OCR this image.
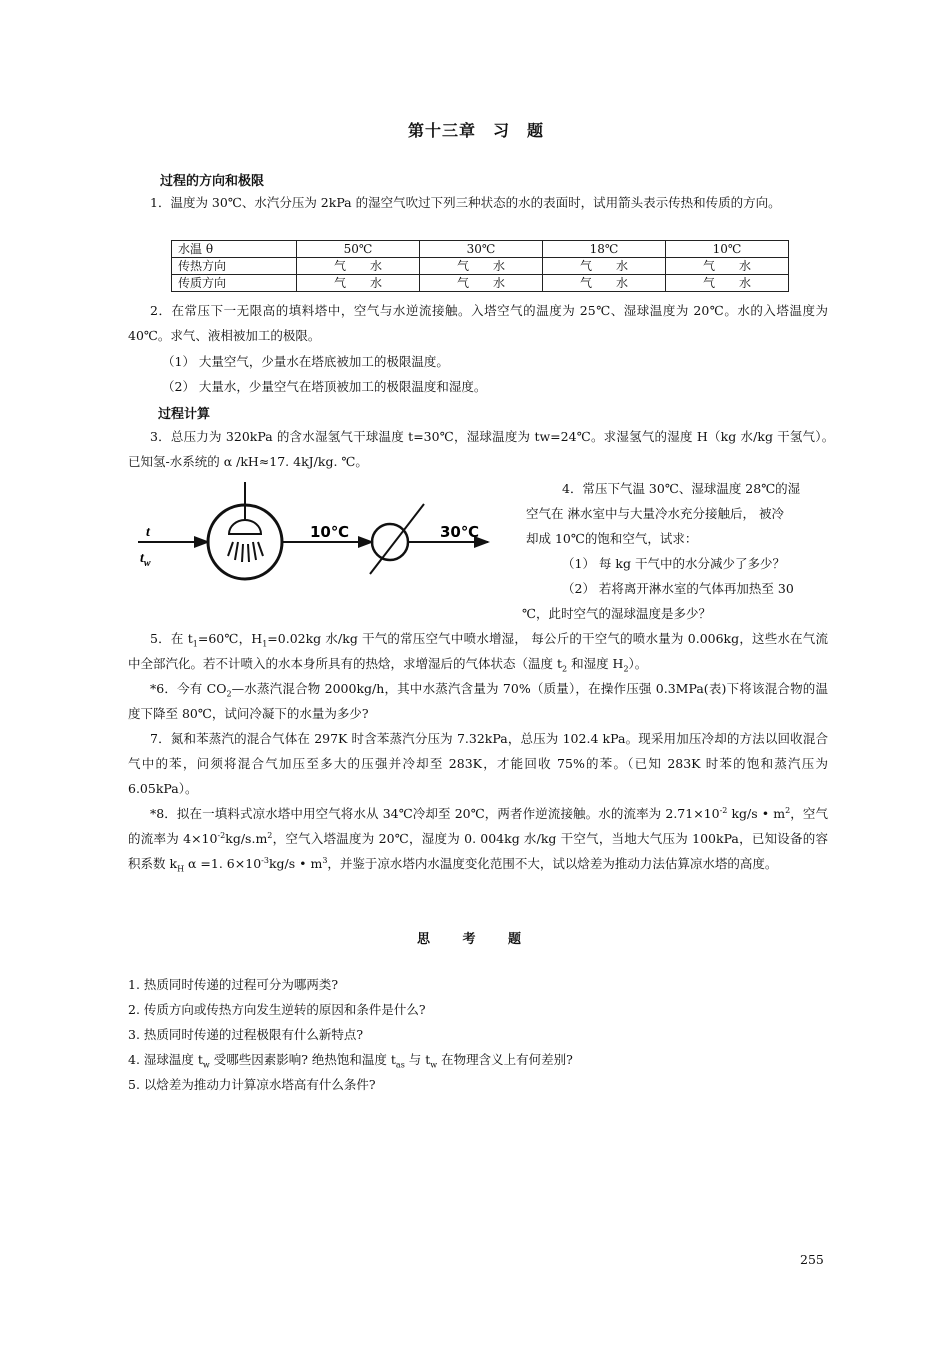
第十三章　习　题
过程的方向和极限
1．温度为 30℃、水汽分压为 2kPa 的湿空气吹过下列三种状态的水的表面时，试用箭头表示传热和传质的方向。
水温 θ	50℃	30℃	18℃	10℃
传热方向	气　　水	气　　水	气　　水	气　　水
传质方向	气　　水	气　　水	气　　水	气　　水
2．在常压下一无限高的填料塔中，空气与水逆流接触。入塔空气的温度为 25℃、湿球温度为 20℃。水的入塔温度为 40℃。求气、液相被加工的极限。
（1） 大量空气，少量水在塔底被加工的极限温度。
（2） 大量水，少量空气在塔顶被加工的极限温度和湿度。
过程计算
3．总压力为 320kPa 的含水湿氢气干球温度 t=30℃，湿球温度为 tw=24℃。求湿氢气的湿度 H（kg 水/kg 干氢气）。　已知氢-水系统的 α /kH≈17. 4kJ/kg. ℃。
t
$t_w$
10℃	30℃
4．常压下气温 30℃、湿球温度 28℃的湿
空气在 淋水室中与大量冷水充分接触后， 被冷
却成 10℃的饱和空气，试求：
（1） 每 kg 干气中的水分减少了多少？
（2） 若将离开淋水室的气体再加热至 30
℃，此时空气的湿球温度是多少？
5．在 $t_1=60℃$，$H_1=0.02kg$ 水/kg 干气的常压空气中喷水增湿， 每公斤的干空气的喷水量为 0.006kg，这些水在气流中全部汽化。若不计喷入的水本身所具有的热焓，求增湿后的气体状态（温度 $t_2$ 和湿度 $H_2$）。
*6．今有 $CO_2—$水蒸汽混合物 2000kg/h，其中水蒸汽含量为 70%（质量），在操作压强 0.3MPa(表)下将该混合物的温度下降至 80℃，试问冷凝下的水量为多少?
7．氮和苯蒸汽的混合气体在 297K 时含苯蒸汽分压为 7.32kPa，总压为 102.4 kPa。现采用加压冷却的方法以回收混合气中的苯，问须将混合气加压至多大的压强并冷却至 283K，才能回收 75%的苯。（已知 283K 时苯的饱和蒸汽压为 6.05kPa）。
*8．拟在一填料式凉水塔中用空气将水从 34℃冷却至 20℃，两者作逆流接触。水的流率为 $2.71\times 10^{-2}$ kg/s • $m^2$，空气的流率为 $4\times 10^{-2}kg/s.m^2$，空气入塔温度为 20℃，湿度为 0. 004kg 水/kg 干空气，当地大气压为 100kPa，已知设备的容积系数 $k_H$ α =1. $6\times 10^{-3}kg/s$ • $m^3$，并鉴于凉水塔内水温度变化范围不大，试以焓差为推动力法估算凉水塔的高度。
思 考 题
1. 热质同时传递的过程可分为哪两类?
2. 传质方向或传热方向发生逆转的原因和条件是什么?
3. 热质同时传递的过程极限有什么新特点?
4. 湿球温度 $t_w$ 受哪些因素影响? 绝热饱和温度 $t_{as}$ 与 $t_w$ 在物理含义上有何差别?
5. 以焓差为推动力计算凉水塔高有什么条件?
255
